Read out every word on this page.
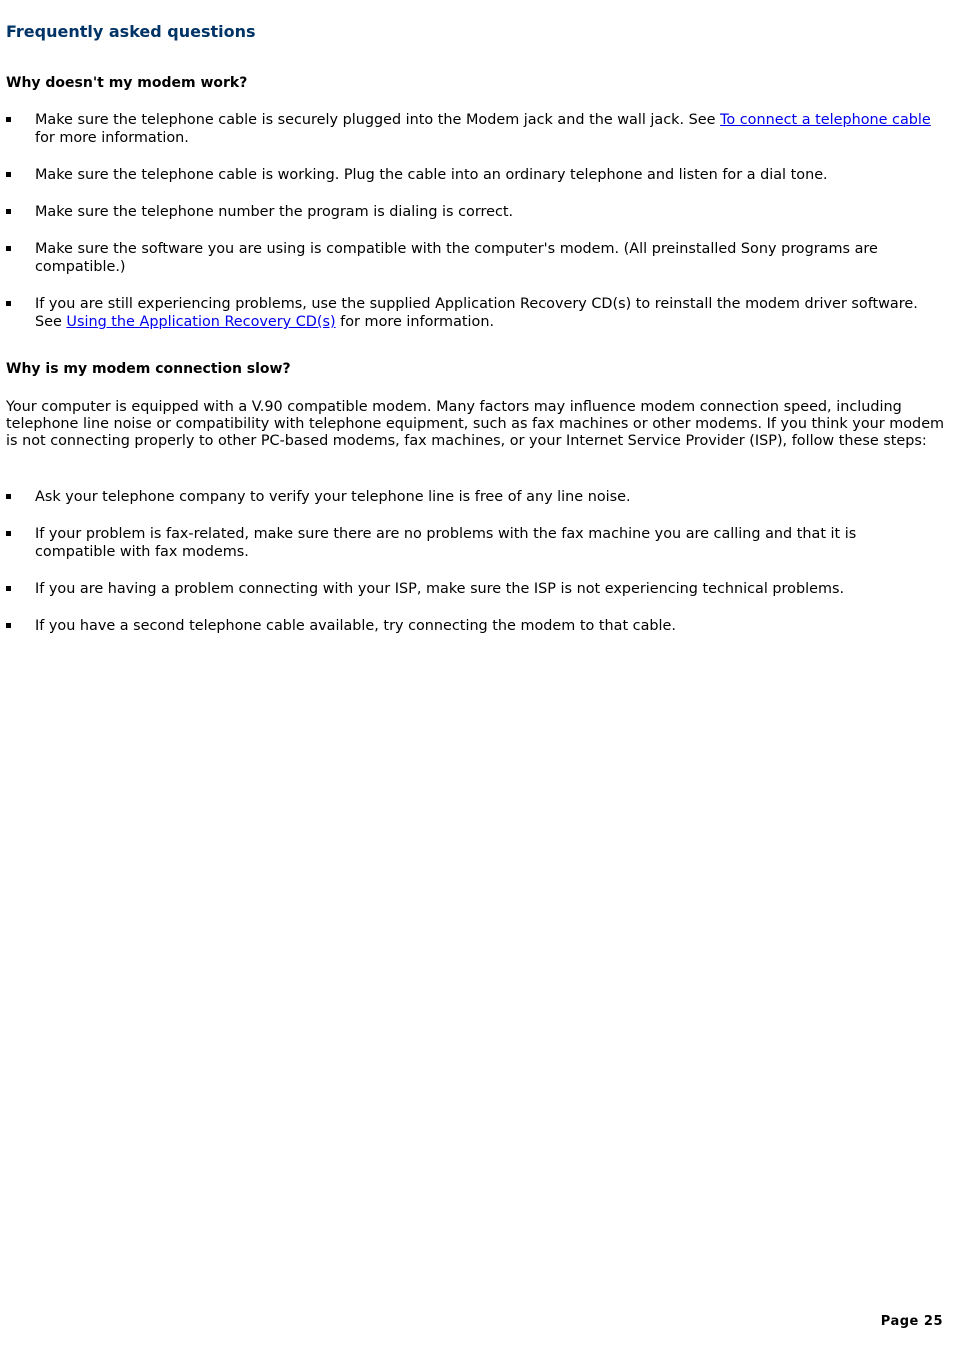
Frequently asked questions
Why doesn't my modem work?
Make sure the telephone cable is securely plugged into the Modem jack and the wall jack. See To connect a telephone cable for more information.
Make sure the telephone cable is working. Plug the cable into an ordinary telephone and listen for a dial tone.
Make sure the telephone number the program is dialing is correct.
Make sure the software you are using is compatible with the computer's modem. (All preinstalled Sony programs are compatible.)
If you are still experiencing problems, use the supplied Application Recovery CD(s) to reinstall the modem driver software. See Using the Application Recovery CD(s) for more information.
Why is my modem connection slow?

Your computer is equipped with a V.90 compatible modem. Many factors may influence modem connection speed, including telephone line noise or compatibility with telephone equipment, such as fax machines or other modems. If you think your modem is not connecting properly to other PC-based modems, fax machines, or your Internet Service Provider (ISP), follow these steps:

Ask your telephone company to verify your telephone line is free of any line noise.
If your problem is fax-related, make sure there are no problems with the fax machine you are calling and that it is compatible with fax modems.
If you are having a problem connecting with your ISP, make sure the ISP is not experiencing technical problems.
If you have a second telephone cable available, try connecting the modem to that cable.
Page 25
